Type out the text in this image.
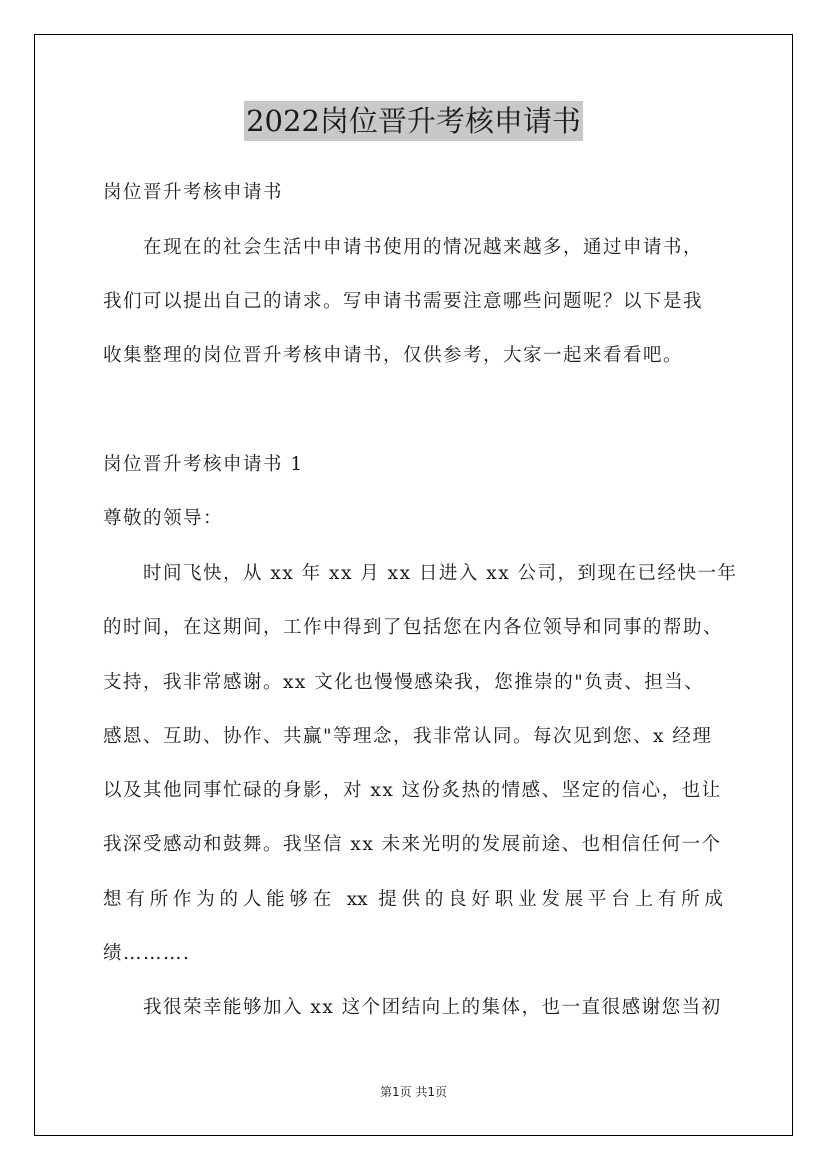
2022岗位晋升考核申请书
岗位晋升考核申请书
在现在的社会生活中申请书使用的情况越来越多，通过申请书，
我们可以提出自己的请求。写申请书需要注意哪些问题呢？以下是我
收集整理的岗位晋升考核申请书，仅供参考，大家一起来看看吧。
岗位晋升考核申请书 1
尊敬的领导：
时间飞快，从 xx 年 xx 月 xx 日进入 xx 公司，到现在已经快一年
的时间，在这期间，工作中得到了包括您在内各位领导和同事的帮助、
支持，我非常感谢。xx 文化也慢慢感染我，您推崇的"负责、担当、
感恩、互助、协作、共赢"等理念，我非常认同。每次见到您、x 经理
以及其他同事忙碌的身影，对 xx 这份炙热的情感、坚定的信心，也让
我深受感动和鼓舞。我坚信 xx 未来光明的发展前途、也相信任何一个
想有所作为的人能够在 xx 提供的良好职业发展平台上有所成
绩……….
我很荣幸能够加入 xx 这个团结向上的集体，也一直很感谢您当初
第1页 共1页
